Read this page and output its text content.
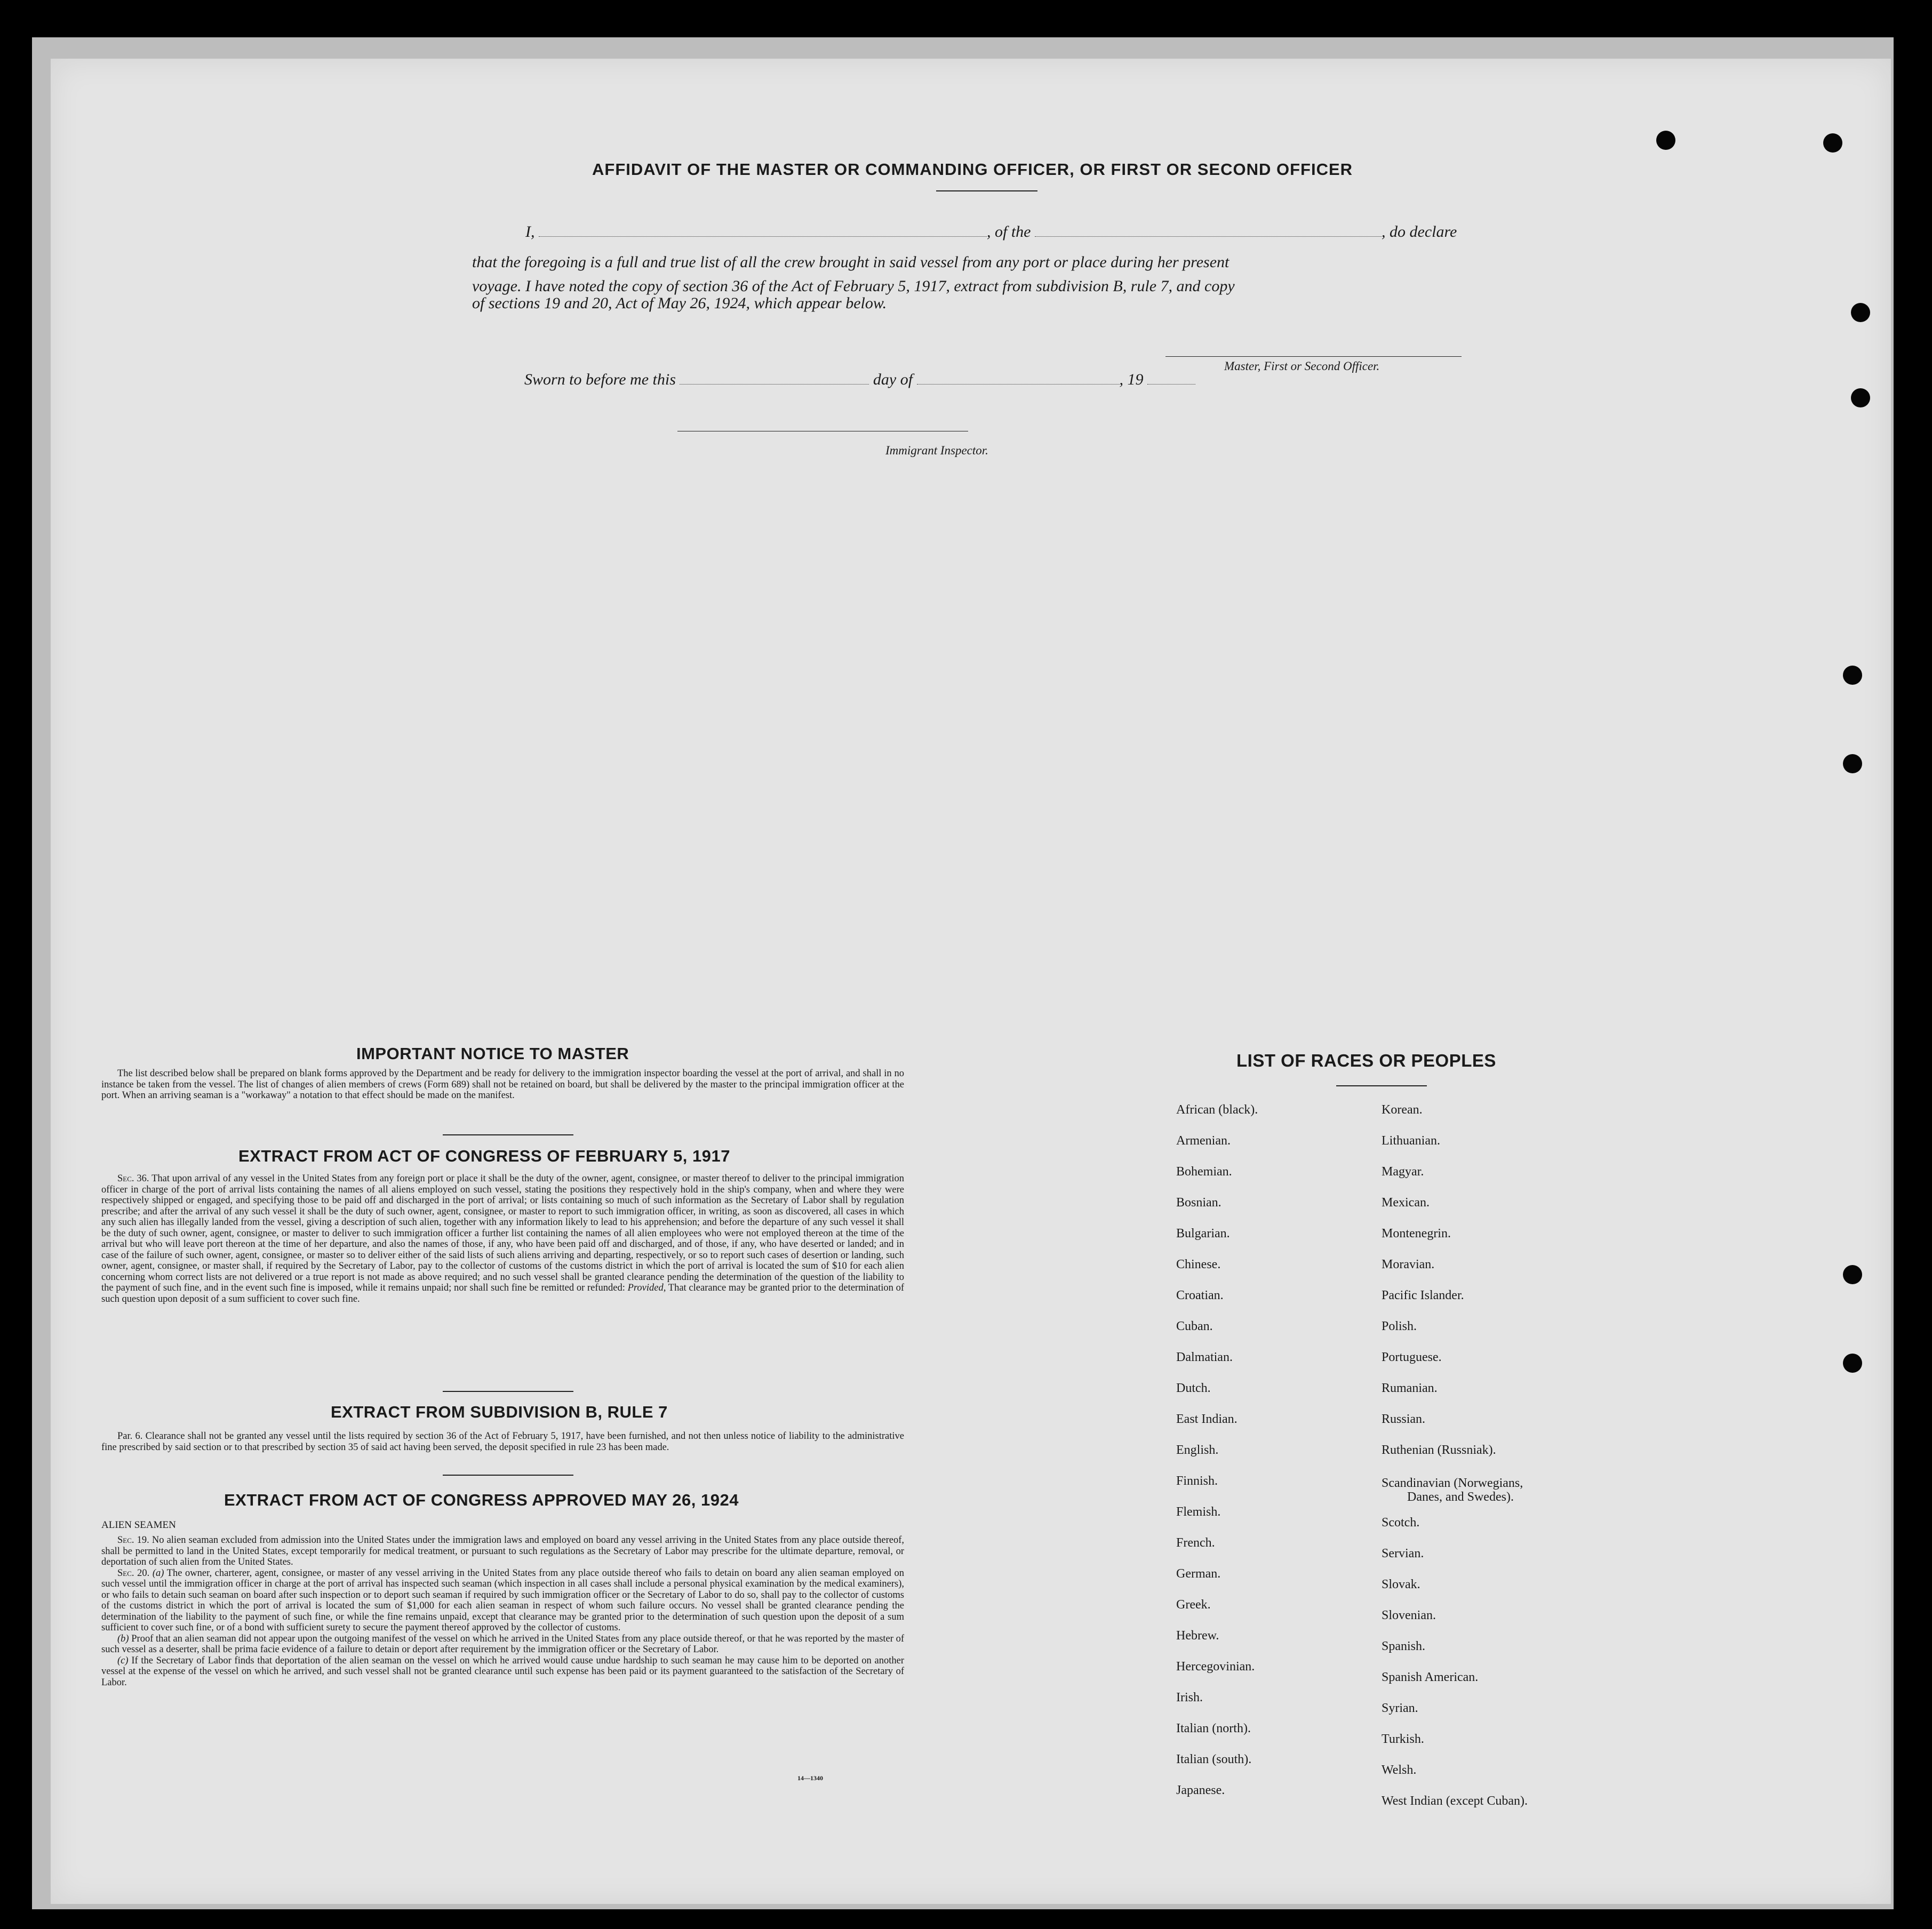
AFFIDAVIT OF THE MASTER OR COMMANDING OFFICER, OR FIRST OR SECOND OFFICER
I,	, of the	, do declare
that the foregoing is a full and true list of all the crew brought in said vessel from any port or place during her present
voyage. I have noted the copy of section 36 of the Act of February 5, 1917, extract from subdivision B, rule 7, and copy
of sections 19 and 20, Act of May 26, 1924, which appear below.
Master, First or Second Officer.
Sworn to before me this	day of	, 19
Immigrant Inspector.
IMPORTANT NOTICE TO MASTER

The list described below shall be prepared on blank forms approved by the Department and be ready for delivery to the immigration inspector boarding the vessel at the port of arrival, and shall in no instance be taken from the vessel. The list of changes of alien members of crews (Form 689) shall not be retained on board, but shall be delivered by the master to the principal immigration officer at the port. When an arriving seaman is a "workaway" a notation to that effect should be made on the manifest.

EXTRACT FROM ACT OF CONGRESS OF FEBRUARY 5, 1917

Sec. 36. That upon arrival of any vessel in the United States from any foreign port or place it shall be the duty of the owner, agent, consignee, or master thereof to deliver to the principal immigration officer in charge of the port of arrival lists containing the names of all aliens employed on such vessel, stating the positions they respectively hold in the ship's company, when and where they were respectively shipped or engaged, and specifying those to be paid off and discharged in the port of arrival; or lists containing so much of such information as the Secretary of Labor shall by regulation prescribe; and after the arrival of any such vessel it shall be the duty of such owner, agent, consignee, or master to report to such immigration officer, in writing, as soon as discovered, all cases in which any such alien has illegally landed from the vessel, giving a description of such alien, together with any information likely to lead to his apprehension; and before the departure of any such vessel it shall be the duty of such owner, agent, consignee, or master to deliver to such immigration officer a further list containing the names of all alien employees who were not employed thereon at the time of the arrival but who will leave port thereon at the time of her departure, and also the names of those, if any, who have been paid off and discharged, and of those, if any, who have deserted or landed; and in case of the failure of such owner, agent, consignee, or master so to deliver either of the said lists of such aliens arriving and departing, respectively, or so to report such cases of desertion or landing, such owner, agent, consignee, or master shall, if required by the Secretary of Labor, pay to the collector of customs of the customs district in which the port of arrival is located the sum of $10 for each alien concerning whom correct lists are not delivered or a true report is not made as above required; and no such vessel shall be granted clearance pending the determination of the question of the liability to the payment of such fine, and in the event such fine is imposed, while it remains unpaid; nor shall such fine be remitted or refunded: Provided, That clearance may be granted prior to the determination of such question upon deposit of a sum sufficient to cover such fine.

EXTRACT FROM SUBDIVISION B, RULE 7

Par. 6. Clearance shall not be granted any vessel until the lists required by section 36 of the Act of February 5, 1917, have been furnished, and not then unless notice of liability to the administrative fine prescribed by said section or to that prescribed by section 35 of said act having been served, the deposit specified in rule 23 has been made.

EXTRACT FROM ACT OF CONGRESS APPROVED MAY 26, 1924
ALIEN SEAMEN

Sec. 19. No alien seaman excluded from admission into the United States under the immigration laws and employed on board any vessel arriving in the United States from any place outside thereof, shall be permitted to land in the United States, except temporarily for medical treatment, or pursuant to such regulations as the Secretary of Labor may prescribe for the ultimate departure, removal, or deportation of such alien from the United States.

Sec. 20. (a) The owner, charterer, agent, consignee, or master of any vessel arriving in the United States from any place outside thereof who fails to detain on board any alien seaman employed on such vessel until the immigration officer in charge at the port of arrival has inspected such seaman (which inspection in all cases shall include a personal physical examination by the medical examiners), or who fails to detain such seaman on board after such inspection or to deport such seaman if required by such immigration officer or the Secretary of Labor to do so, shall pay to the collector of customs of the customs district in which the port of arrival is located the sum of $1,000 for each alien seaman in respect of whom such failure occurs. No vessel shall be granted clearance pending the determination of the liability to the payment of such fine, or while the fine remains unpaid, except that clearance may be granted prior to the determination of such question upon the deposit of a sum sufficient to cover such fine, or of a bond with sufficient surety to secure the payment thereof approved by the collector of customs.

(b) Proof that an alien seaman did not appear upon the outgoing manifest of the vessel on which he arrived in the United States from any place outside thereof, or that he was reported by the master of such vessel as a deserter, shall be prima facie evidence of a failure to detain or deport after requirement by the immigration officer or the Secretary of Labor.

(c) If the Secretary of Labor finds that deportation of the alien seaman on the vessel on which he arrived would cause undue hardship to such seaman he may cause him to be deported on another vessel at the expense of the vessel on which he arrived, and such vessel shall not be granted clearance until such expense has been paid or its payment guaranteed to the satisfaction of the Secretary of Labor.

14—1340
LIST OF RACES OR PEOPLES
African (black).
Armenian.
Bohemian.
Bosnian.
Bulgarian.
Chinese.
Croatian.
Cuban.
Dalmatian.
Dutch.
East Indian.
English.
Finnish.
Flemish.
French.
German.
Greek.
Hebrew.
Hercegovinian.
Irish.
Italian (north).
Italian (south).
Japanese.
Korean.
Lithuanian.
Magyar.
Mexican.
Montenegrin.
Moravian.
Pacific Islander.
Polish.
Portuguese.
Rumanian.
Russian.
Ruthenian (Russniak).
Scandinavian (Norwegians,
Danes, and Swedes).
Scotch.
Servian.
Slovak.
Slovenian.
Spanish.
Spanish American.
Syrian.
Turkish.
Welsh.
West Indian (except Cuban).
